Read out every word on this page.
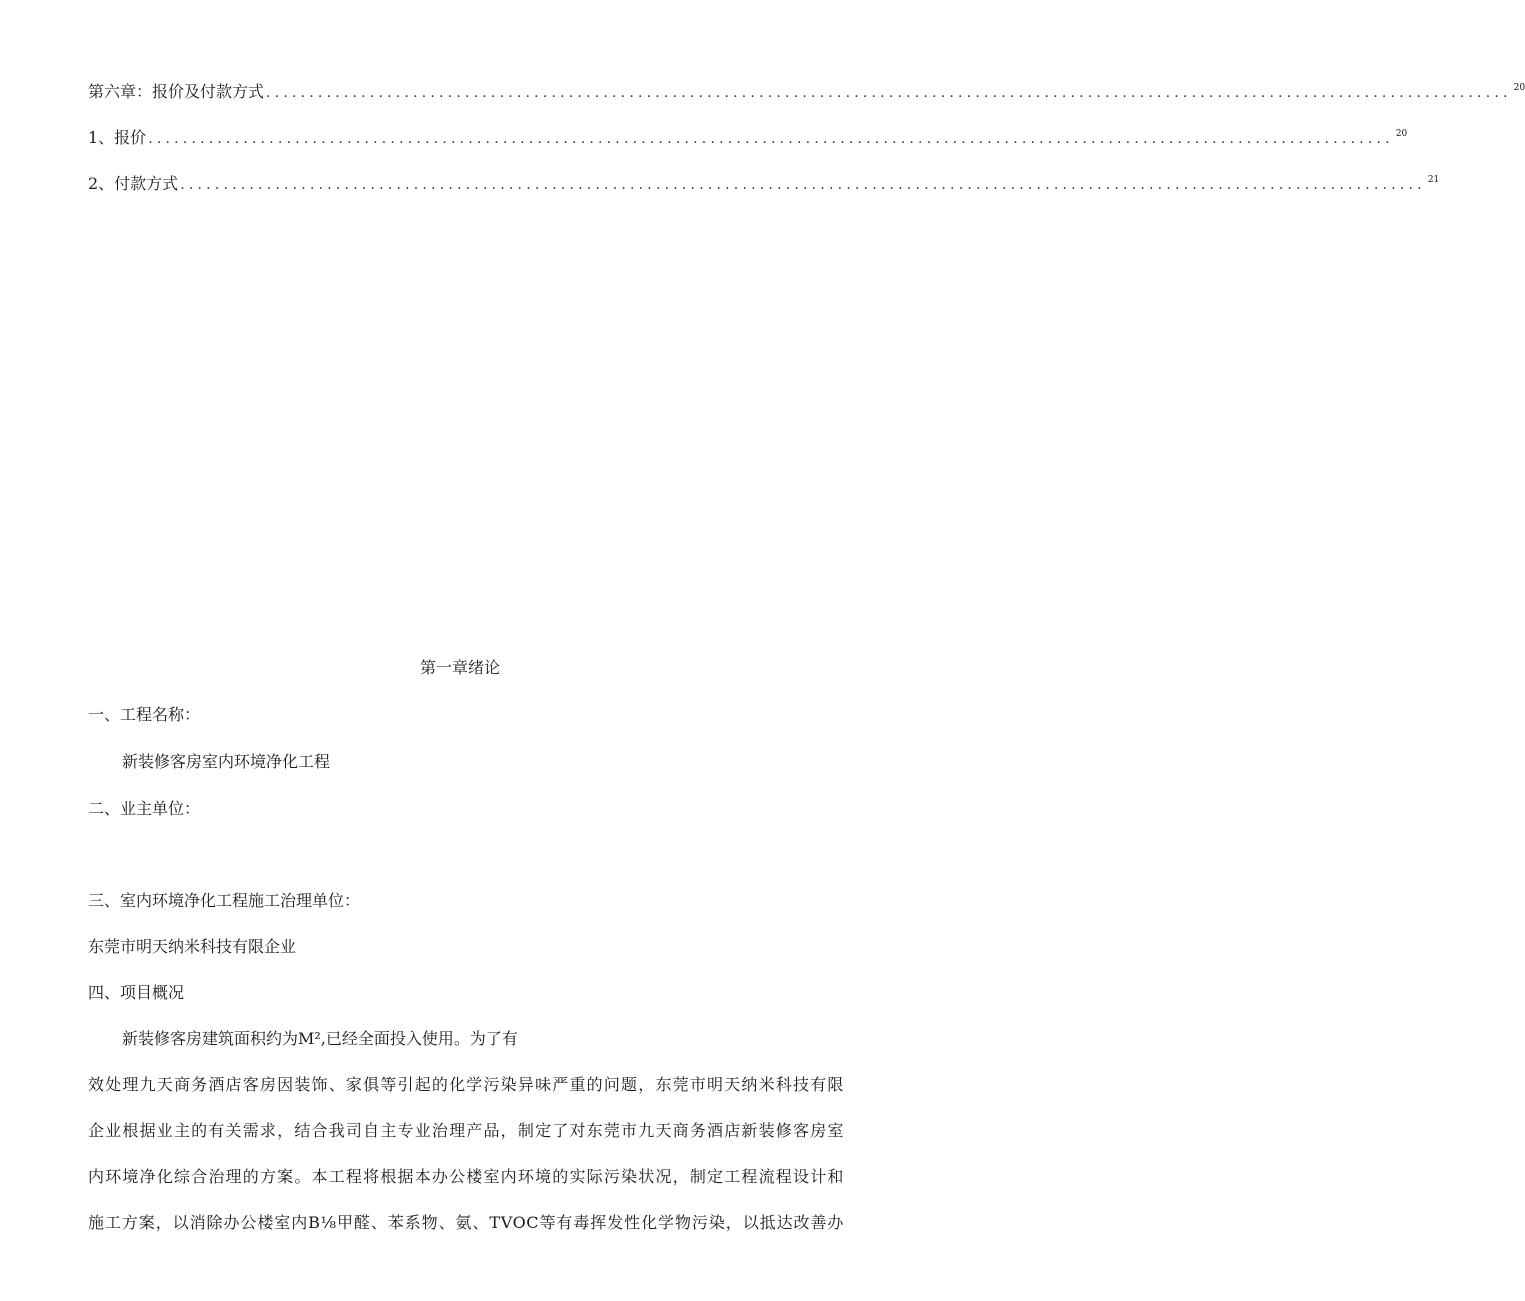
第六章：报价及付款方式 ................................................................................................................................................ 20
1、报价 ................................................................................................................................................ 20
2、付款方式 ................................................................................................................................................ 21
第一章绪论
一、工程名称：
新装修客房室内环境净化工程
二、业主单位：
三、室内环境净化工程施工治理单位：
东莞市明天纳米科技有限企业
四、项目概况
新装修客房建筑面积约为M²,已经全面投入使用。为了有
效处理九天商务酒店客房因装饰、家俱等引起的化学污染异味严重的问题，东莞市明天纳米科技有限
企业根据业主的有关需求，结合我司自主专业治理产品，制定了对东莞市九天商务酒店新装修客房室
内环境净化综合治理的方案。本工程将根据本办公楼室内环境的实际污染状况，制定工程流程设计和
施工方案，以消除办公楼室内B⅛甲醛、苯系物、氨、TVOC等有毒挥发性化学物污染，以抵达改善办
